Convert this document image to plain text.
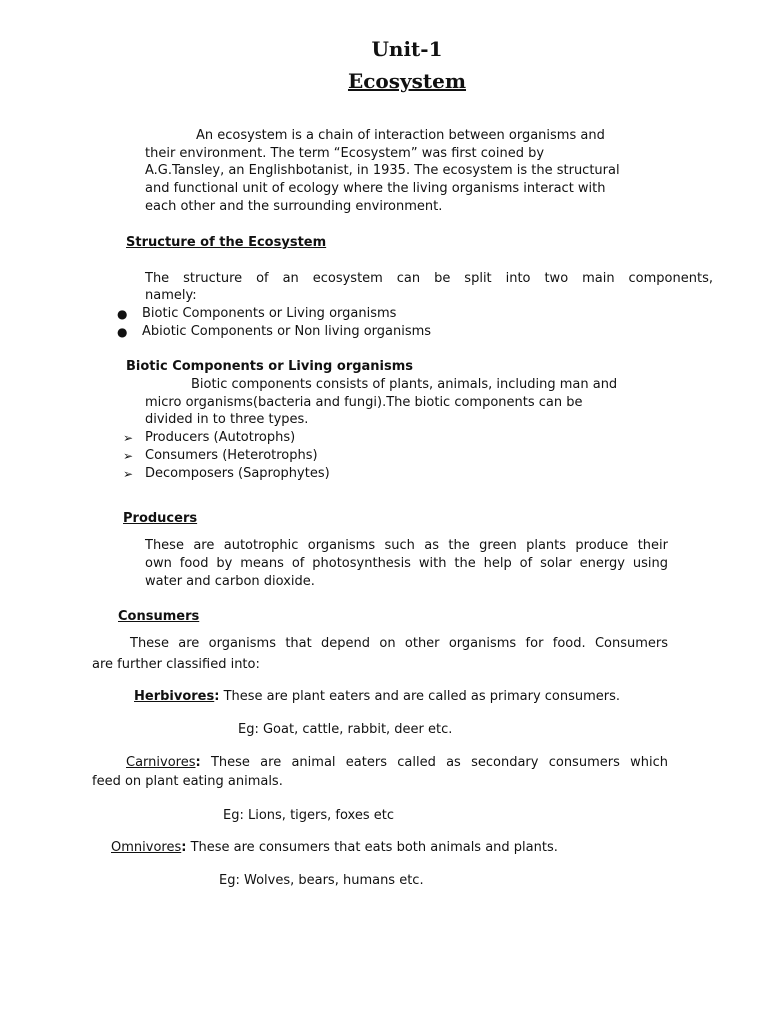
Unit-1

Ecosystem

An ecosystem is a chain of interaction between organisms and

their environment. The term “Ecosystem” was first coined by

A.G.Tansley, an Englishbotanist, in 1935. The ecosystem is the structural

and functional unit of ecology where the living organisms interact with

each other and the surrounding environment.

Structure of the Ecosystem

The structure of an ecosystem can be split into two main components,

namely:

● Biotic Components or Living organisms

● Abiotic Components or Non living organisms

Biotic Components or Living organisms

Biotic components consists of plants, animals, including man and

micro organisms(bacteria and fungi).The biotic components can be

divided in to three types.

➢ Producers (Autotrophs)

➢ Consumers (Heterotrophs)

➢ Decomposers (Saprophytes)

Producers

These are autotrophic organisms such as the green plants produce their

own food by means of photosynthesis with the help of solar energy using

water and carbon dioxide.

Consumers

These are organisms that depend on other organisms for food. Consumers

are further classified into:

Herbivores: These are plant eaters and are called as primary consumers.

Eg: Goat, cattle, rabbit, deer etc.

Carnivores: These are animal eaters called as secondary consumers which

feed on plant eating animals.

Eg: Lions, tigers, foxes etc

Omnivores: These are consumers that eats both animals and plants.

Eg: Wolves, bears, humans etc.
